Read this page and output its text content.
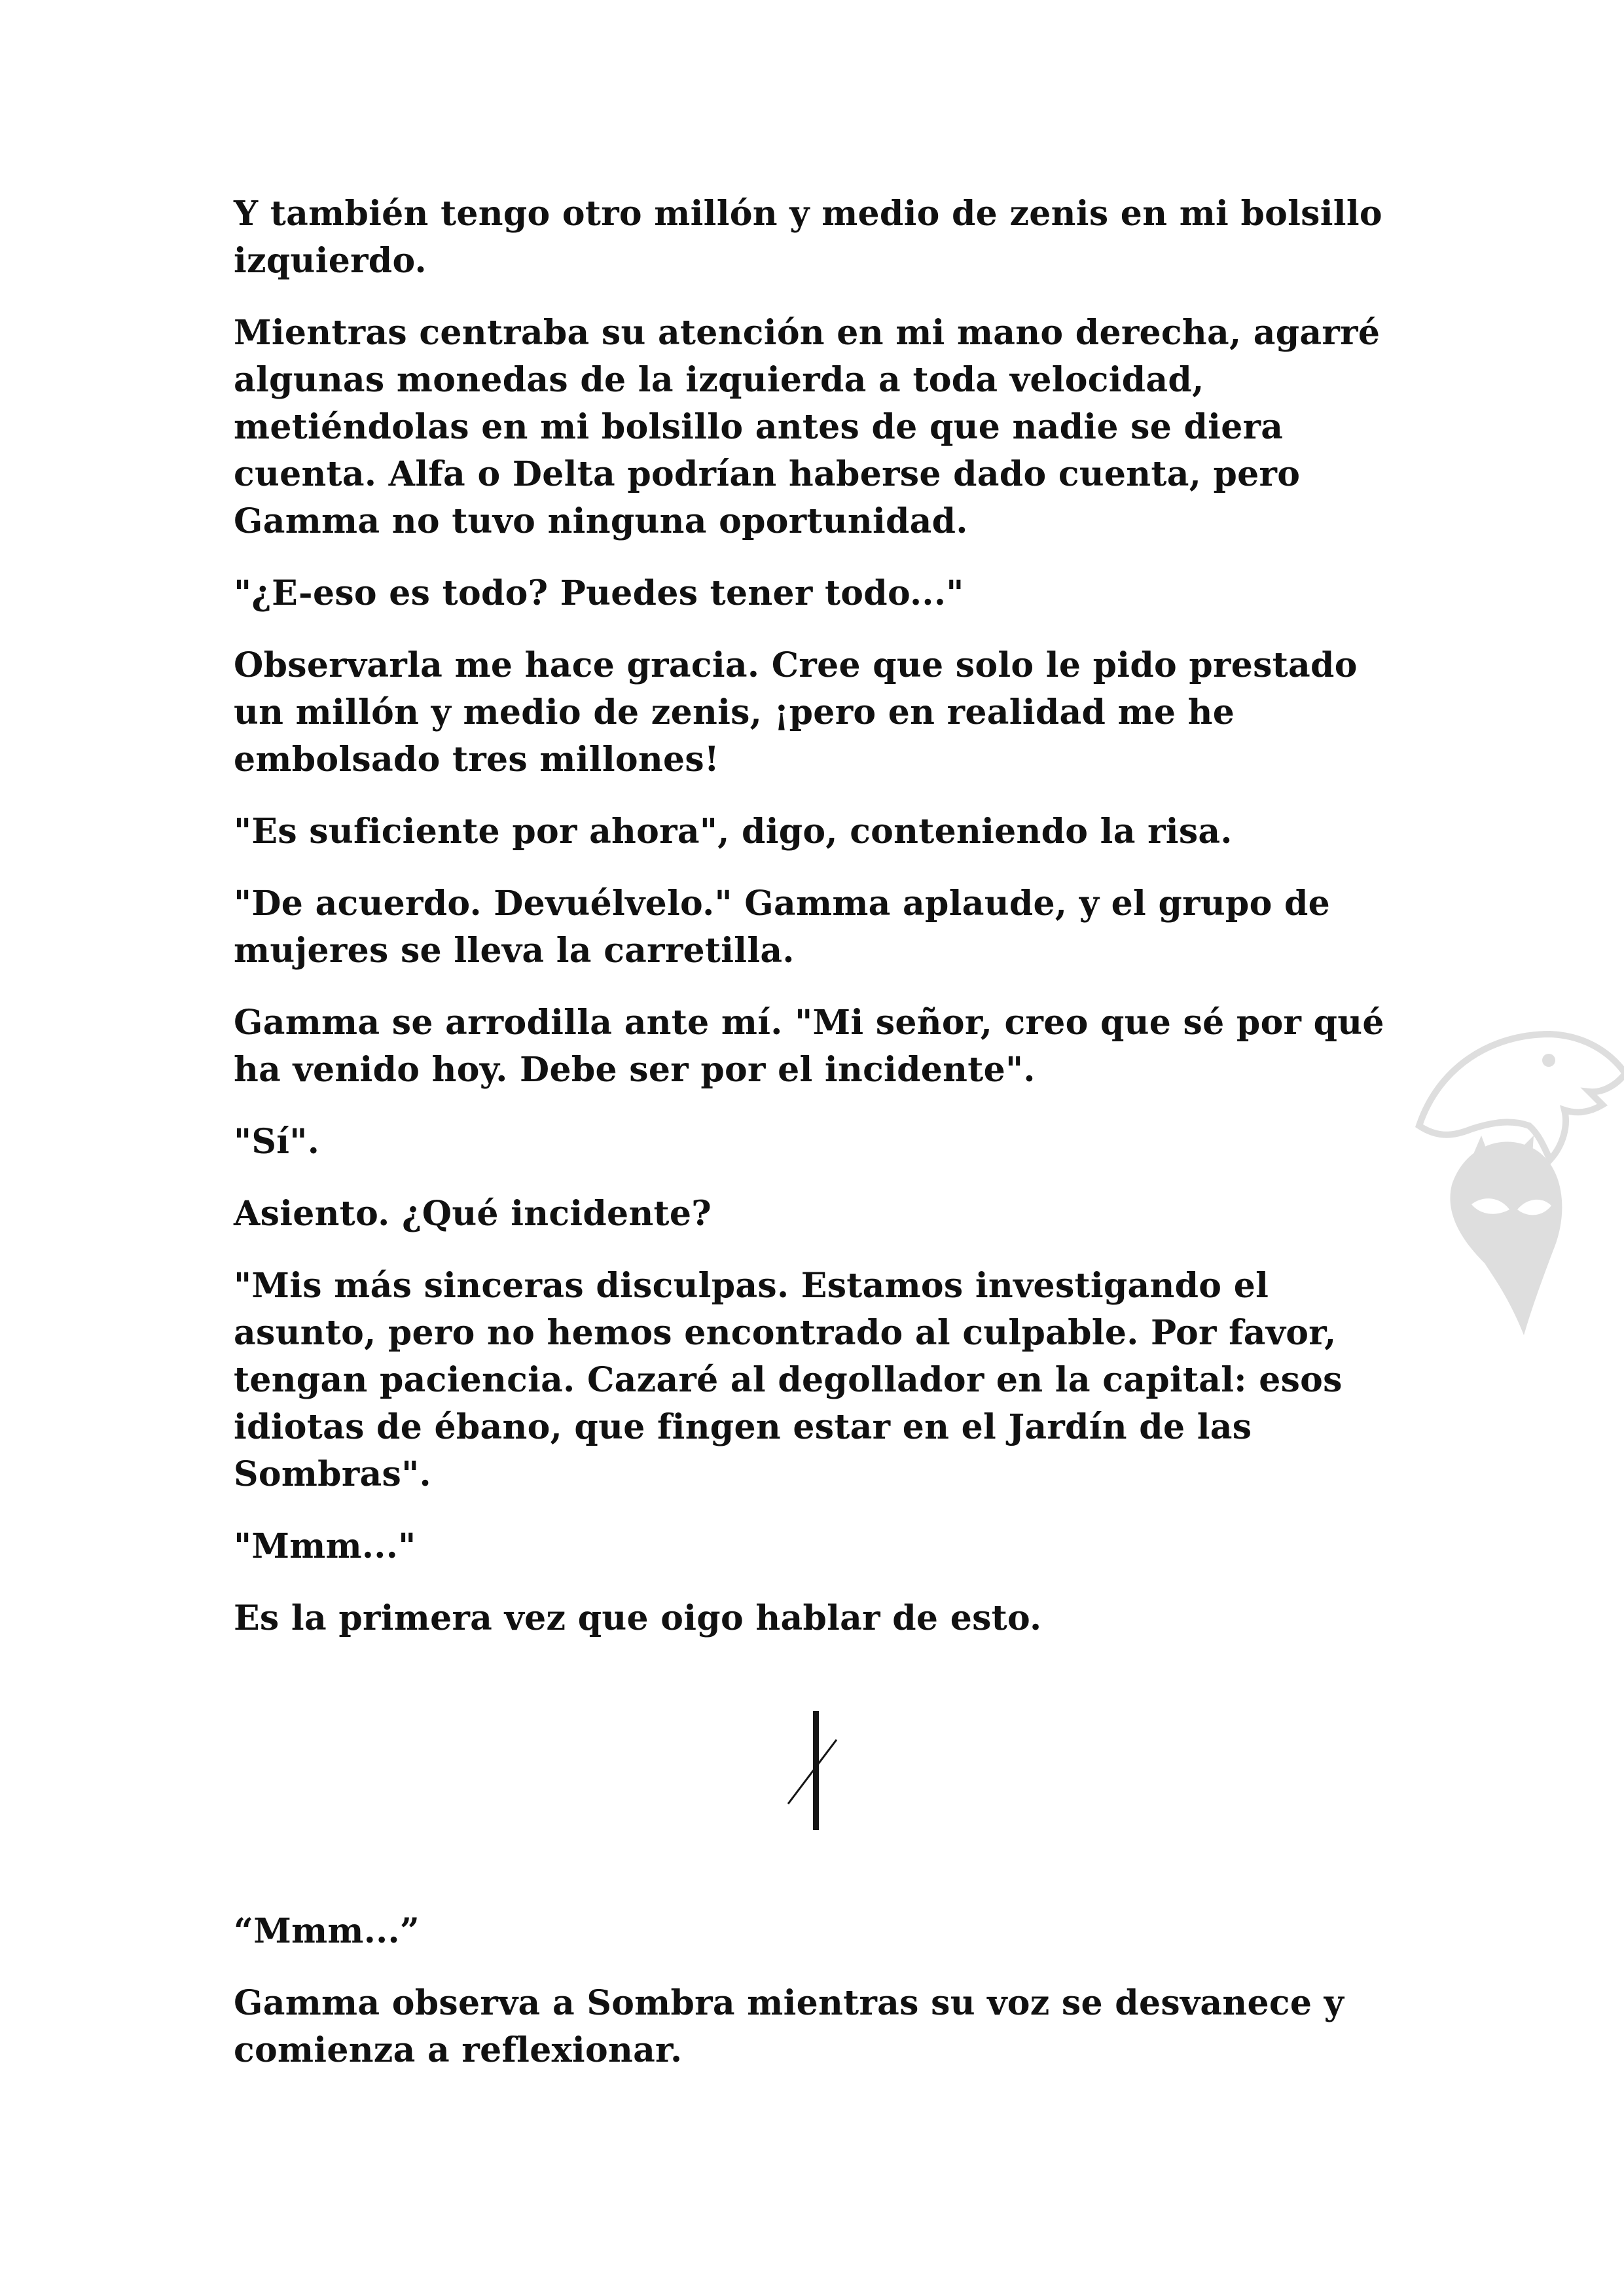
Y también tengo otro millón y medio de zenis en mi bolsillo izquierdo.

Mientras centraba su atención en mi mano derecha, agarré algunas monedas de la izquierda a toda velocidad, metiéndolas en mi bolsillo antes de que nadie se diera cuenta. Alfa o Delta podrían haberse dado cuenta, pero Gamma no tuvo ninguna oportunidad.

"¿E-eso es todo? Puedes tener todo..."

Observarla me hace gracia. Cree que solo le pido prestado un millón y medio de zenis, ¡pero en realidad me he embolsado tres millones!

"Es suficiente por ahora", digo, conteniendo la risa.

"De acuerdo. Devuélvelo." Gamma aplaude, y el grupo de mujeres se lleva la carretilla.

Gamma se arrodilla ante mí. "Mi señor, creo que sé por qué ha venido hoy. Debe ser por el incidente".

"Sí".

Asiento. ¿Qué incidente?

"Mis más sinceras disculpas. Estamos investigando el asunto, pero no hemos encontrado al culpable. Por favor, tengan paciencia. Cazaré al degollador en la capital: esos idiotas de ébano, que fingen estar en el Jardín de las Sombras".

"Mmm..."

Es la primera vez que oigo hablar de esto.

“Mmm...”

Gamma observa a Sombra mientras su voz se desvanece y comienza a reflexionar.
